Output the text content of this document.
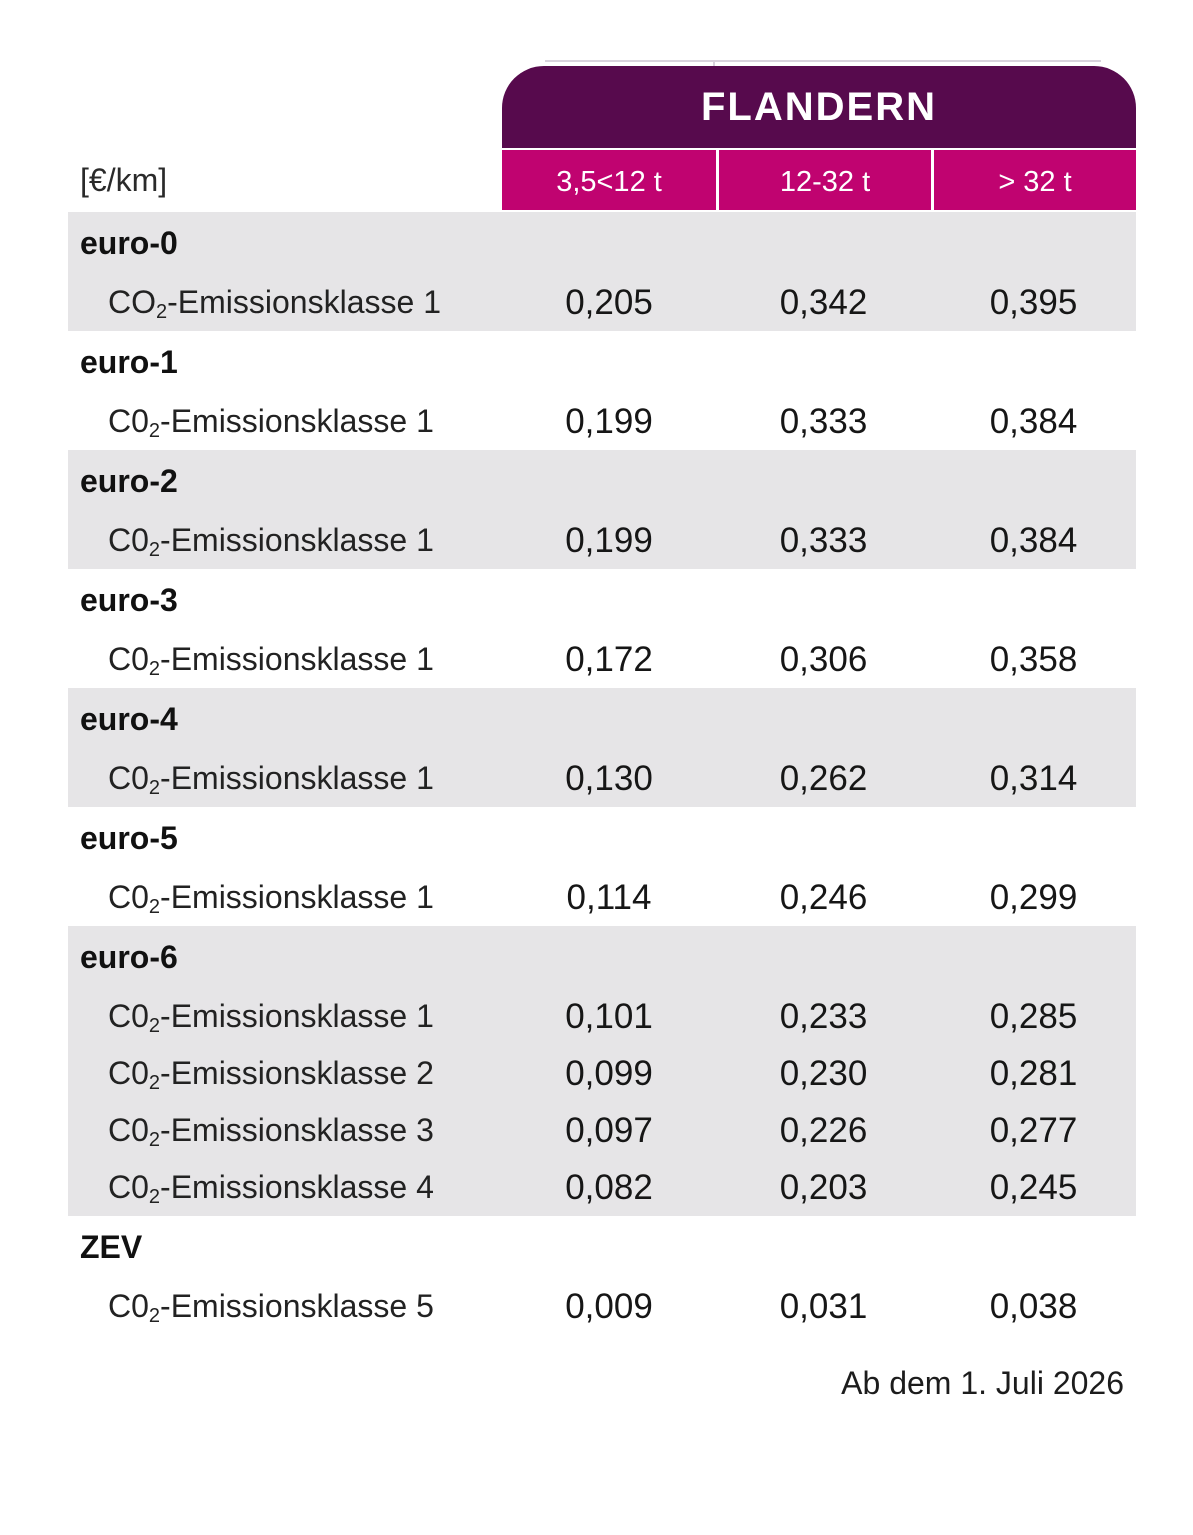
FLANDERN
[€/km]	3,5<12 t	12-32 t	> 32 t
euro-0
CO 2 -Emissionsklasse 1	0,205	0,342	0,395
euro-1
C0 2 -Emissionsklasse 1	0,199	0,333	0,384
euro-2
C0 2 -Emissionsklasse 1	0,199	0,333	0,384
euro-3
C0 2 -Emissionsklasse 1	0,172	0,306	0,358
euro-4
C0 2 -Emissionsklasse 1	0,130	0,262	0,314
euro-5
C0 2 -Emissionsklasse 1	0,114	0,246	0,299
euro-6
C0 2 -Emissionsklasse 1	0,101	0,233	0,285
C0 2 -Emissionsklasse 2	0,099	0,230	0,281
C0 2 -Emissionsklasse 3	0,097	0,226	0,277
C0 2 -Emissionsklasse 4	0,082	0,203	0,245
ZEV
C0 2 -Emissionsklasse 5	0,009	0,031	0,038
Ab dem 1. Juli 2026
